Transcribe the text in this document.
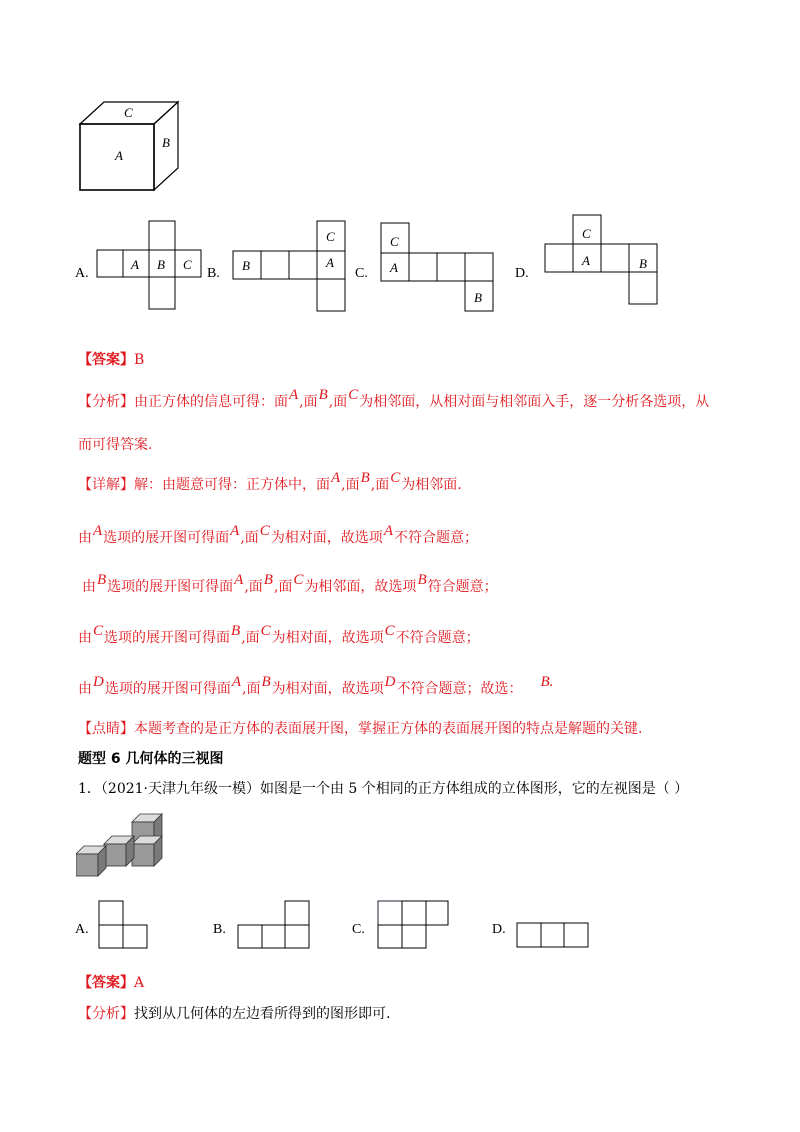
C
A
B
A.
A B C
B.
B
C
A
C.
C
A
B
D.
C
A	B
【答案】B
【分析】由正方体的信息可得：面A,面B,面C为相邻面，从相对面与相邻面入手，逐一分析各选项，从
而可得答案.
【详解】解：由题意可得：正方体中，面A,面B,面C为相邻面.
由A选项的展开图可得面A,面C为相对面，故选项A不符合题意；
由B选项的展开图可得面A,面B,面C为相邻面，故选项B符合题意；
由C选项的展开图可得面B,面C为相对面，故选项C不符合题意；
由D选项的展开图可得面A,面B为相对面，故选项D不符合题意；故选： B.
【点睛】本题考查的是正方体的表面展开图，掌握正方体的表面展开图的特点是解题的关键.
题型 6 几何体的三视图
1．（2021·天津九年级一模）如图是一个由 5 个相同的正方体组成的立体图形，它的左视图是（ ）
A.	B.	C.	D.
【答案】A
【分析】找到从几何体的左边看所得到的图形即可.
